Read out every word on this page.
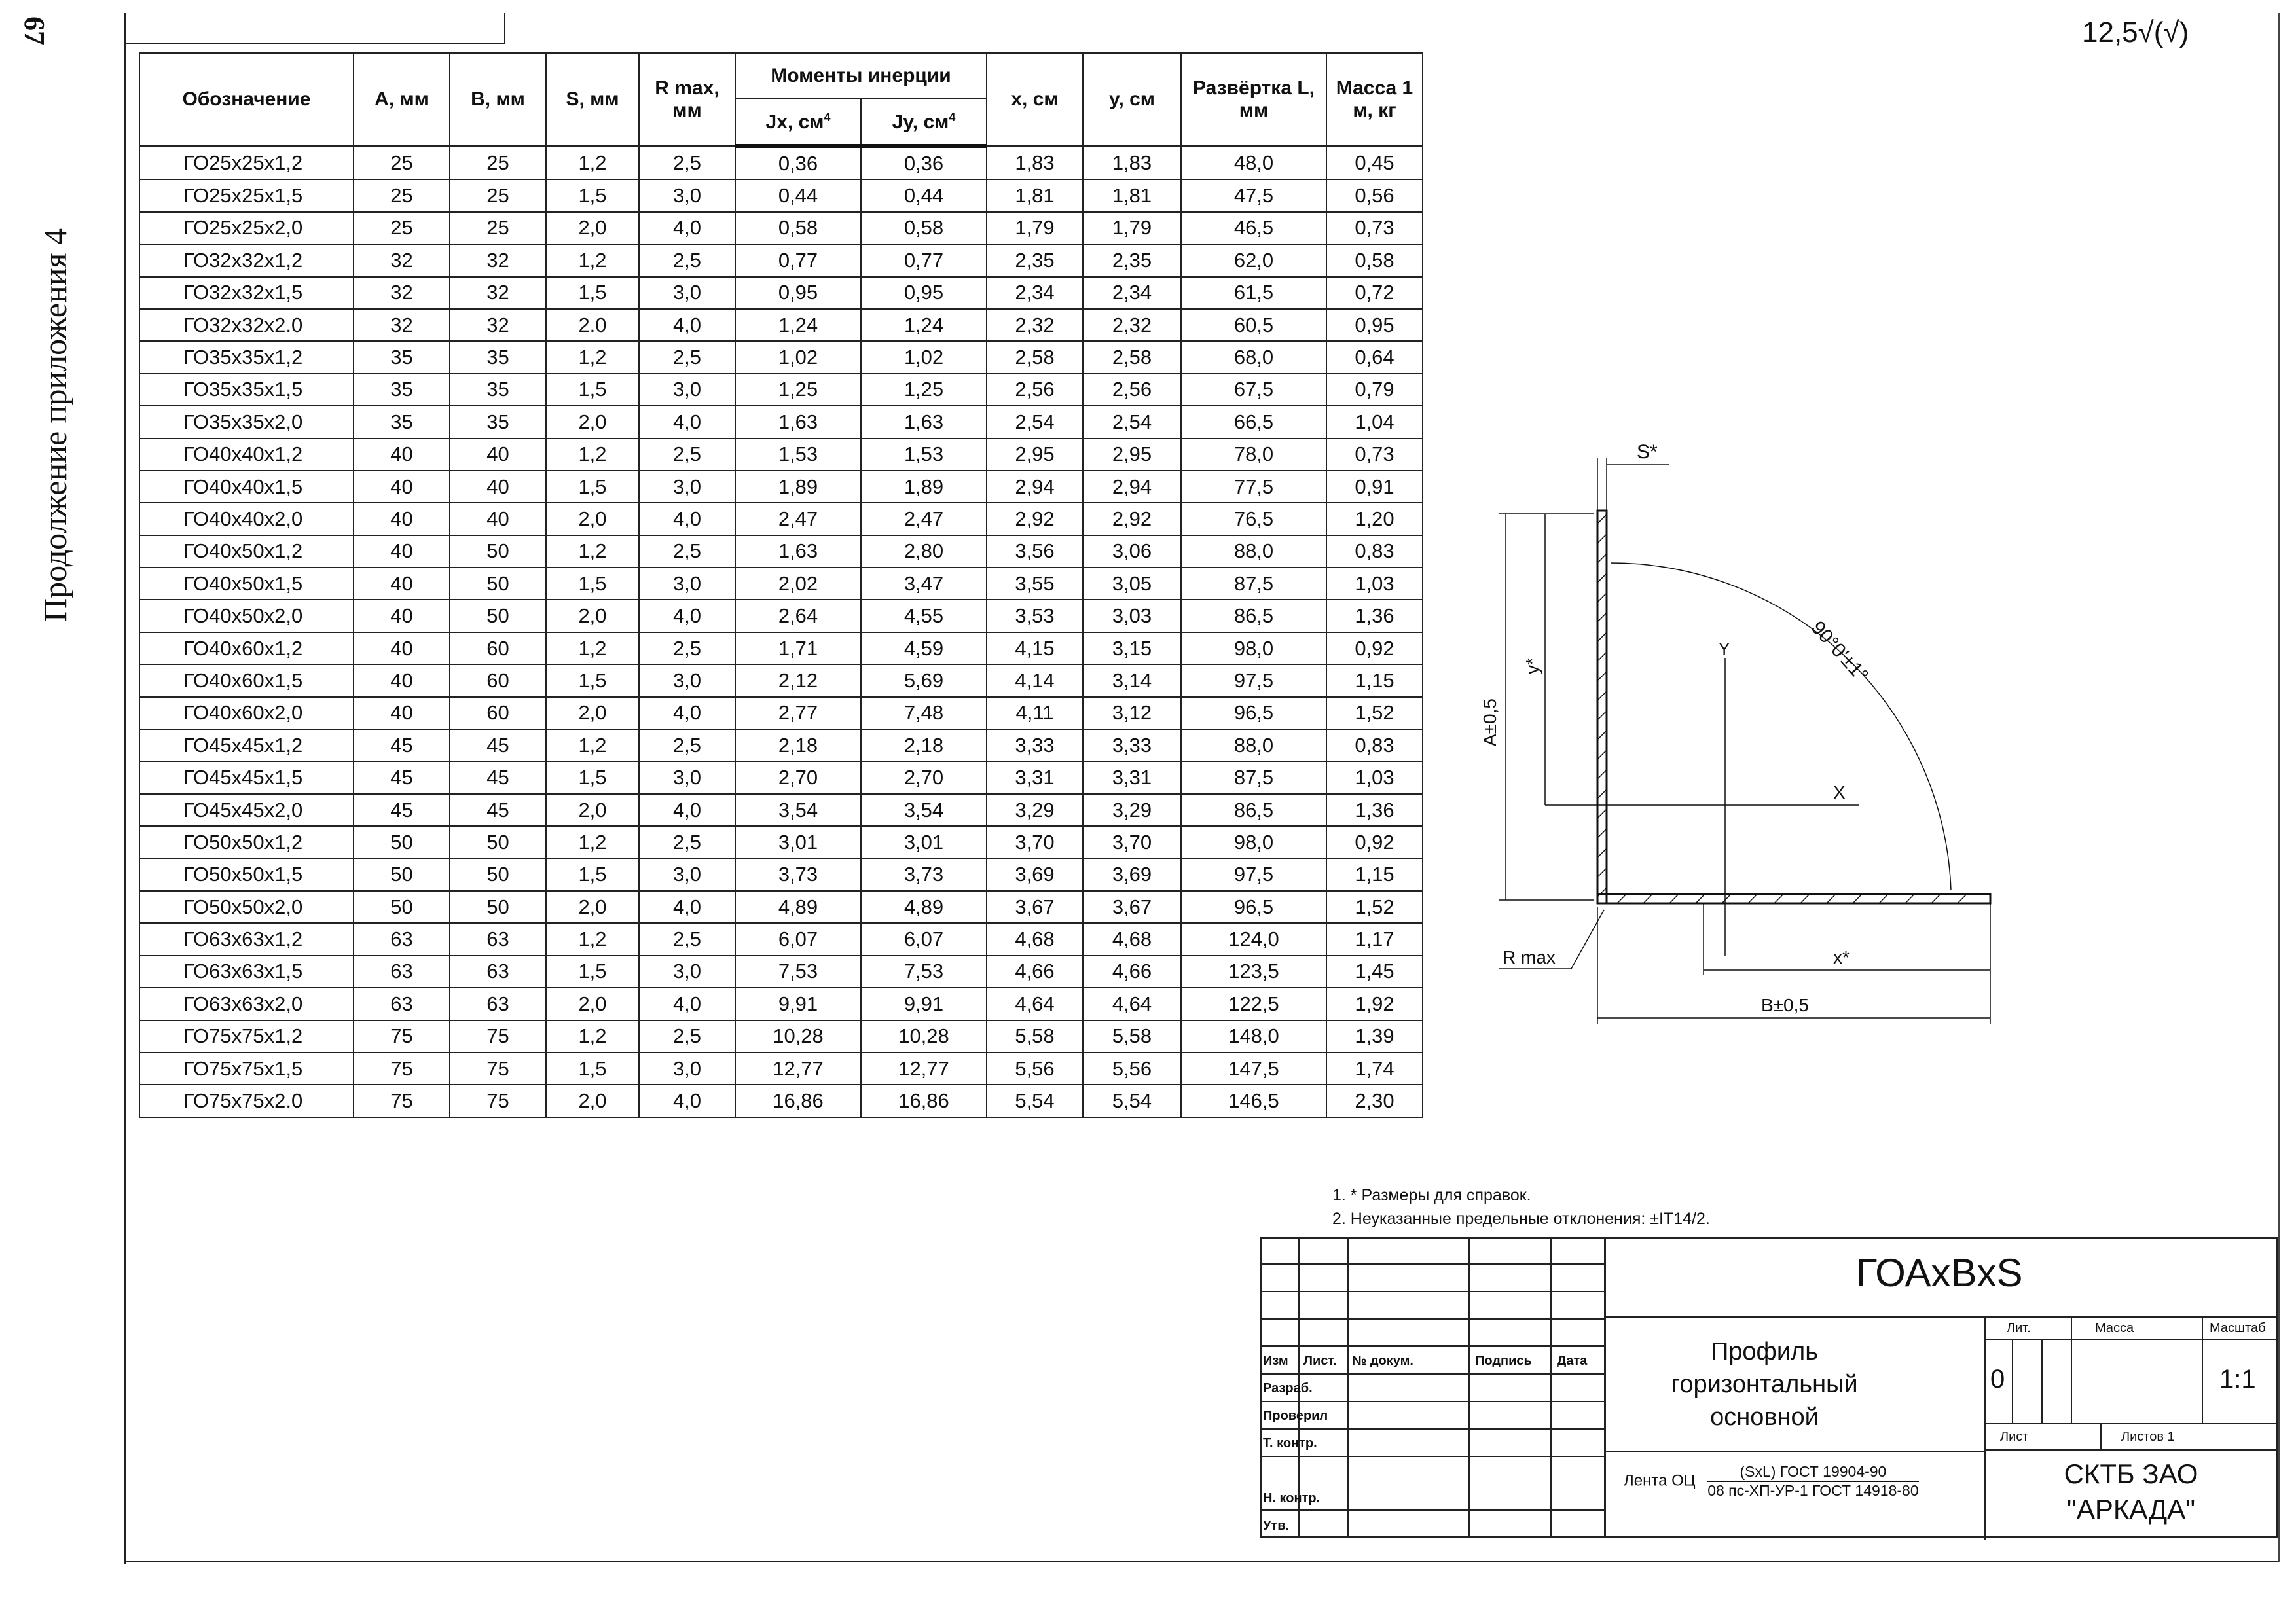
67
Продолжение приложения 4
12,5√(√)
Обозначение	А, мм	В, мм	S, мм	R max, мм	Моменты инерции		x, см	y, см	Развёртка L, мм	Масса 1 м, кг
					Jx, $см^4$	Jy, $см^4$
ГО25x25x1,2	25	25	1,2	2,5	0,36	0,36	1,83	1,83	48,0	0,45
ГО25x25x1,5	25	25	1,5	3,0	0,44	0,44	1,81	1,81	47,5	0,56
ГО25x25x2,0	25	25	2,0	4,0	0,58	0,58	1,79	1,79	46,5	0,73
ГО32x32x1,2	32	32	1,2	2,5	0,77	0,77	2,35	2,35	62,0	0,58
ГО32x32x1,5	32	32	1,5	3,0	0,95	0,95	2,34	2,34	61,5	0,72
ГО32x32x2.0	32	32	2.0	4,0	1,24	1,24	2,32	2,32	60,5	0,95
ГО35x35x1,2	35	35	1,2	2,5	1,02	1,02	2,58	2,58	68,0	0,64
ГО35x35x1,5	35	35	1,5	3,0	1,25	1,25	2,56	2,56	67,5	0,79
ГО35x35x2,0	35	35	2,0	4,0	1,63	1,63	2,54	2,54	66,5	1,04
ГО40x40x1,2	40	40	1,2	2,5	1,53	1,53	2,95	2,95	78,0	0,73
ГО40x40x1,5	40	40	1,5	3,0	1,89	1,89	2,94	2,94	77,5	0,91
ГО40x40x2,0	40	40	2,0	4,0	2,47	2,47	2,92	2,92	76,5	1,20
ГО40x50x1,2	40	50	1,2	2,5	1,63	2,80	3,56	3,06	88,0	0,83
ГО40x50x1,5	40	50	1,5	3,0	2,02	3,47	3,55	3,05	87,5	1,03
ГО40x50x2,0	40	50	2,0	4,0	2,64	4,55	3,53	3,03	86,5	1,36
ГО40x60x1,2	40	60	1,2	2,5	1,71	4,59	4,15	3,15	98,0	0,92
ГО40x60x1,5	40	60	1,5	3,0	2,12	5,69	4,14	3,14	97,5	1,15
ГО40x60x2,0	40	60	2,0	4,0	2,77	7,48	4,11	3,12	96,5	1,52
ГО45x45x1,2	45	45	1,2	2,5	2,18	2,18	3,33	3,33	88,0	0,83
ГО45x45x1,5	45	45	1,5	3,0	2,70	2,70	3,31	3,31	87,5	1,03
ГО45x45x2,0	45	45	2,0	4,0	3,54	3,54	3,29	3,29	86,5	1,36
ГО50x50x1,2	50	50	1,2	2,5	3,01	3,01	3,70	3,70	98,0	0,92
ГО50x50x1,5	50	50	1,5	3,0	3,73	3,73	3,69	3,69	97,5	1,15
ГО50x50x2,0	50	50	2,0	4,0	4,89	4,89	3,67	3,67	96,5	1,52
ГО63x63x1,2	63	63	1,2	2,5	6,07	6,07	4,68	4,68	124,0	1,17
ГО63x63x1,5	63	63	1,5	3,0	7,53	7,53	4,66	4,66	123,5	1,45
ГО63x63x2,0	63	63	2,0	4,0	9,91	9,91	4,64	4,64	122,5	1,92
ГО75x75x1,2	75	75	1,2	2,5	10,28	10,28	5,58	5,58	148,0	1,39
ГО75x75x1,5	75	75	1,5	3,0	12,77	12,77	5,56	5,56	147,5	1,74
ГО75x75x2.0	75	75	2,0	4,0	16,86	16,86	5,54	5,54	146,5	2,30
S*
A±0,5
y*
X
Y	90°0'±1°
R max	x*
B±0,5
1. * Размеры для справок.
2. Неуказанные предельные отклонения: ±IT14/2.
Изм Лист. № докум.	Подпись Дата
Разраб.
Проверил
Т. контр.
Н. контр.
Утв.
ГОАxВxS
Профиль
горизонтальный
основной
Лит.	Масса	Масштаб
0	1:1
Лист	Листов 1
Лента ОЦ $\frac{\text{(SxL) ГОСТ 19904-90}}{\text{08 пс-ХП-УР-1 ГОСТ 14918-80}}$	СКТБ ЗАО
"АРКАДА"
